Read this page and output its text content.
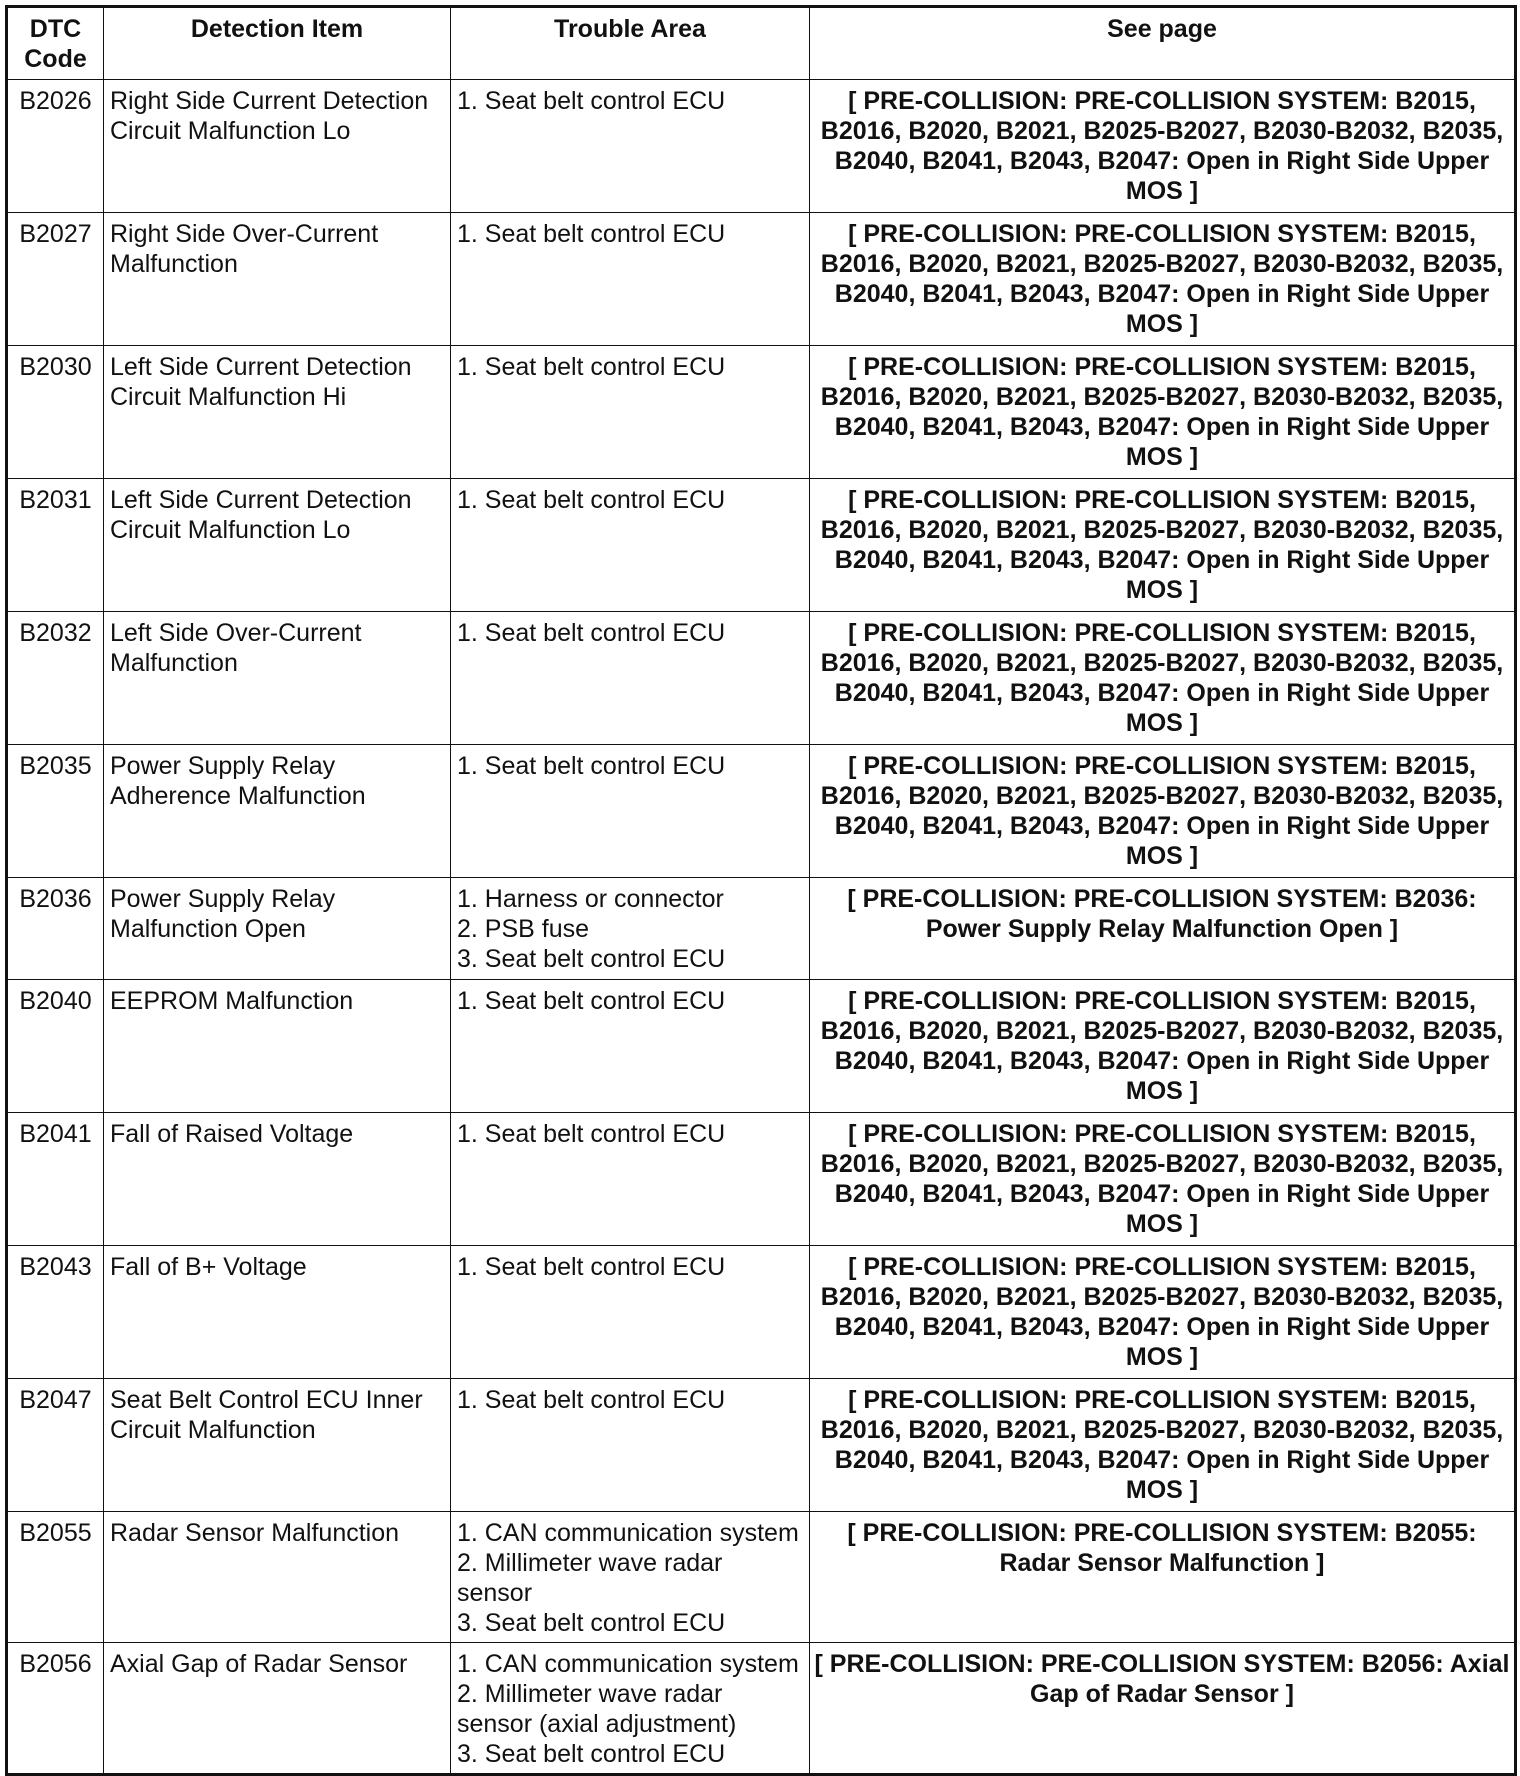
DTC
Code	Detection Item	Trouble Area	See page
B2026	Right Side Current Detection Circuit Malfunction Lo	1. Seat belt control ECU	[ PRE-COLLISION: PRE-COLLISION SYSTEM: B2015, B2016, B2020, B2021, B2025-B2027, B2030-B2032, B2035, B2040, B2041, B2043, B2047: Open in Right Side Upper MOS ]
B2027	Right Side Over-Current Malfunction	1. Seat belt control ECU	[ PRE-COLLISION: PRE-COLLISION SYSTEM: B2015, B2016, B2020, B2021, B2025-B2027, B2030-B2032, B2035, B2040, B2041, B2043, B2047: Open in Right Side Upper MOS ]
B2030	Left Side Current Detection Circuit Malfunction Hi	1. Seat belt control ECU	[ PRE-COLLISION: PRE-COLLISION SYSTEM: B2015, B2016, B2020, B2021, B2025-B2027, B2030-B2032, B2035, B2040, B2041, B2043, B2047: Open in Right Side Upper MOS ]
B2031	Left Side Current Detection Circuit Malfunction Lo	1. Seat belt control ECU	[ PRE-COLLISION: PRE-COLLISION SYSTEM: B2015, B2016, B2020, B2021, B2025-B2027, B2030-B2032, B2035, B2040, B2041, B2043, B2047: Open in Right Side Upper MOS ]
B2032	Left Side Over-Current Malfunction	1. Seat belt control ECU	[ PRE-COLLISION: PRE-COLLISION SYSTEM: B2015, B2016, B2020, B2021, B2025-B2027, B2030-B2032, B2035, B2040, B2041, B2043, B2047: Open in Right Side Upper MOS ]
B2035	Power Supply Relay Adherence Malfunction	1. Seat belt control ECU	[ PRE-COLLISION: PRE-COLLISION SYSTEM: B2015, B2016, B2020, B2021, B2025-B2027, B2030-B2032, B2035, B2040, B2041, B2043, B2047: Open in Right Side Upper MOS ]
B2036	Power Supply Relay Malfunction Open	1. Harness or connector
2. PSB fuse
3. Seat belt control ECU	[ PRE-COLLISION: PRE-COLLISION SYSTEM: B2036: Power Supply Relay Malfunction Open ]
B2040	EEPROM Malfunction	1. Seat belt control ECU	[ PRE-COLLISION: PRE-COLLISION SYSTEM: B2015, B2016, B2020, B2021, B2025-B2027, B2030-B2032, B2035, B2040, B2041, B2043, B2047: Open in Right Side Upper MOS ]
B2041	Fall of Raised Voltage	1. Seat belt control ECU	[ PRE-COLLISION: PRE-COLLISION SYSTEM: B2015, B2016, B2020, B2021, B2025-B2027, B2030-B2032, B2035, B2040, B2041, B2043, B2047: Open in Right Side Upper MOS ]
B2043	Fall of B+ Voltage	1. Seat belt control ECU	[ PRE-COLLISION: PRE-COLLISION SYSTEM: B2015, B2016, B2020, B2021, B2025-B2027, B2030-B2032, B2035, B2040, B2041, B2043, B2047: Open in Right Side Upper MOS ]
B2047	Seat Belt Control ECU Inner Circuit Malfunction	1. Seat belt control ECU	[ PRE-COLLISION: PRE-COLLISION SYSTEM: B2015, B2016, B2020, B2021, B2025-B2027, B2030-B2032, B2035, B2040, B2041, B2043, B2047: Open in Right Side Upper MOS ]
B2055	Radar Sensor Malfunction	1. CAN communication system
2. Millimeter wave radar sensor
3. Seat belt control ECU	[ PRE-COLLISION: PRE-COLLISION SYSTEM: B2055: Radar Sensor Malfunction ]
B2056	Axial Gap of Radar Sensor	1. CAN communication system
2. Millimeter wave radar sensor (axial adjustment)
3. Seat belt control ECU	[ PRE-COLLISION: PRE-COLLISION SYSTEM: B2056: Axial Gap of Radar Sensor ]
